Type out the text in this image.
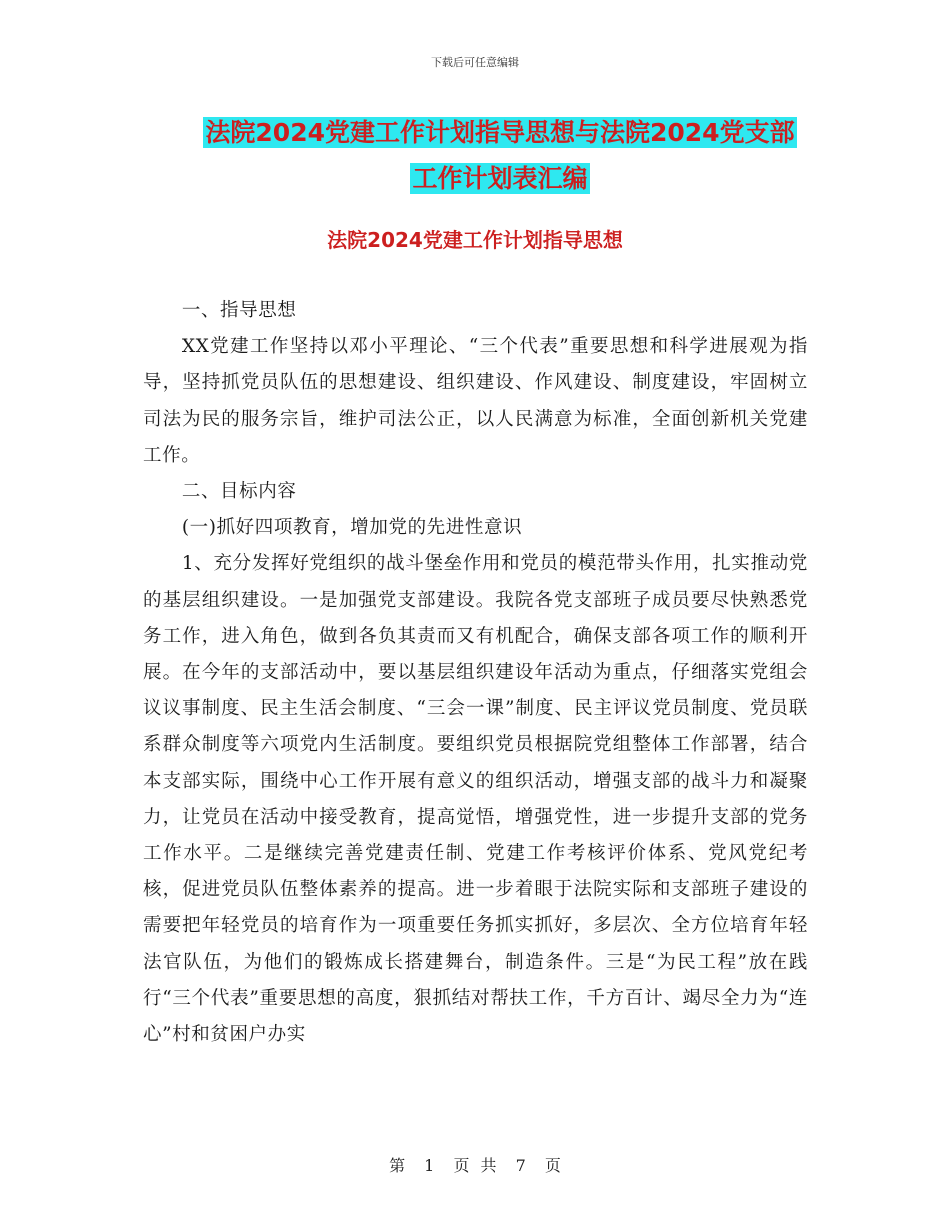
下载后可任意编辑
法院2024党建工作计划指导思想与法院2024党支部
工作计划表汇编
法院2024党建工作计划指导思想

一、指导思想

XX党建工作坚持以邓小平理论、“三个代表”重要思想和科学进展观为指导，坚持抓党员队伍的思想建设、组织建设、作风建设、制度建设，牢固树立司法为民的服务宗旨，维护司法公正，以人民满意为标准，全面创新机关党建工作。

二、目标内容

(一)抓好四项教育，增加党的先进性意识

1、充分发挥好党组织的战斗堡垒作用和党员的模范带头作用，扎实推动党的基层组织建设。一是加强党支部建设。我院各党支部班子成员要尽快熟悉党务工作，进入角色，做到各负其责而又有机配合，确保支部各项工作的顺利开展。在今年的支部活动中，要以基层组织建设年活动为重点，仔细落实党组会议议事制度、民主生活会制度、“三会一课”制度、民主评议党员制度、党员联系群众制度等六项党内生活制度。要组织党员根据院党组整体工作部署，结合本支部实际，围绕中心工作开展有意义的组织活动，增强支部的战斗力和凝聚力，让党员在活动中接受教育，提高觉悟，增强党性，进一步提升支部的党务工作水平。二是继续完善党建责任制、党建工作考核评价体系、党风党纪考核，促进党员队伍整体素养的提高。进一步着眼于法院实际和支部班子建设的需要把年轻党员的培育作为一项重要任务抓实抓好，多层次、全方位培育年轻法官队伍，为他们的锻炼成长搭建舞台，制造条件。三是“为民工程”放在践行“三个代表”重要思想的高度，狠抓结对帮扶工作，千方百计、竭尽全力为“连心”村和贫困户办实

第 1 页 共 7 页
